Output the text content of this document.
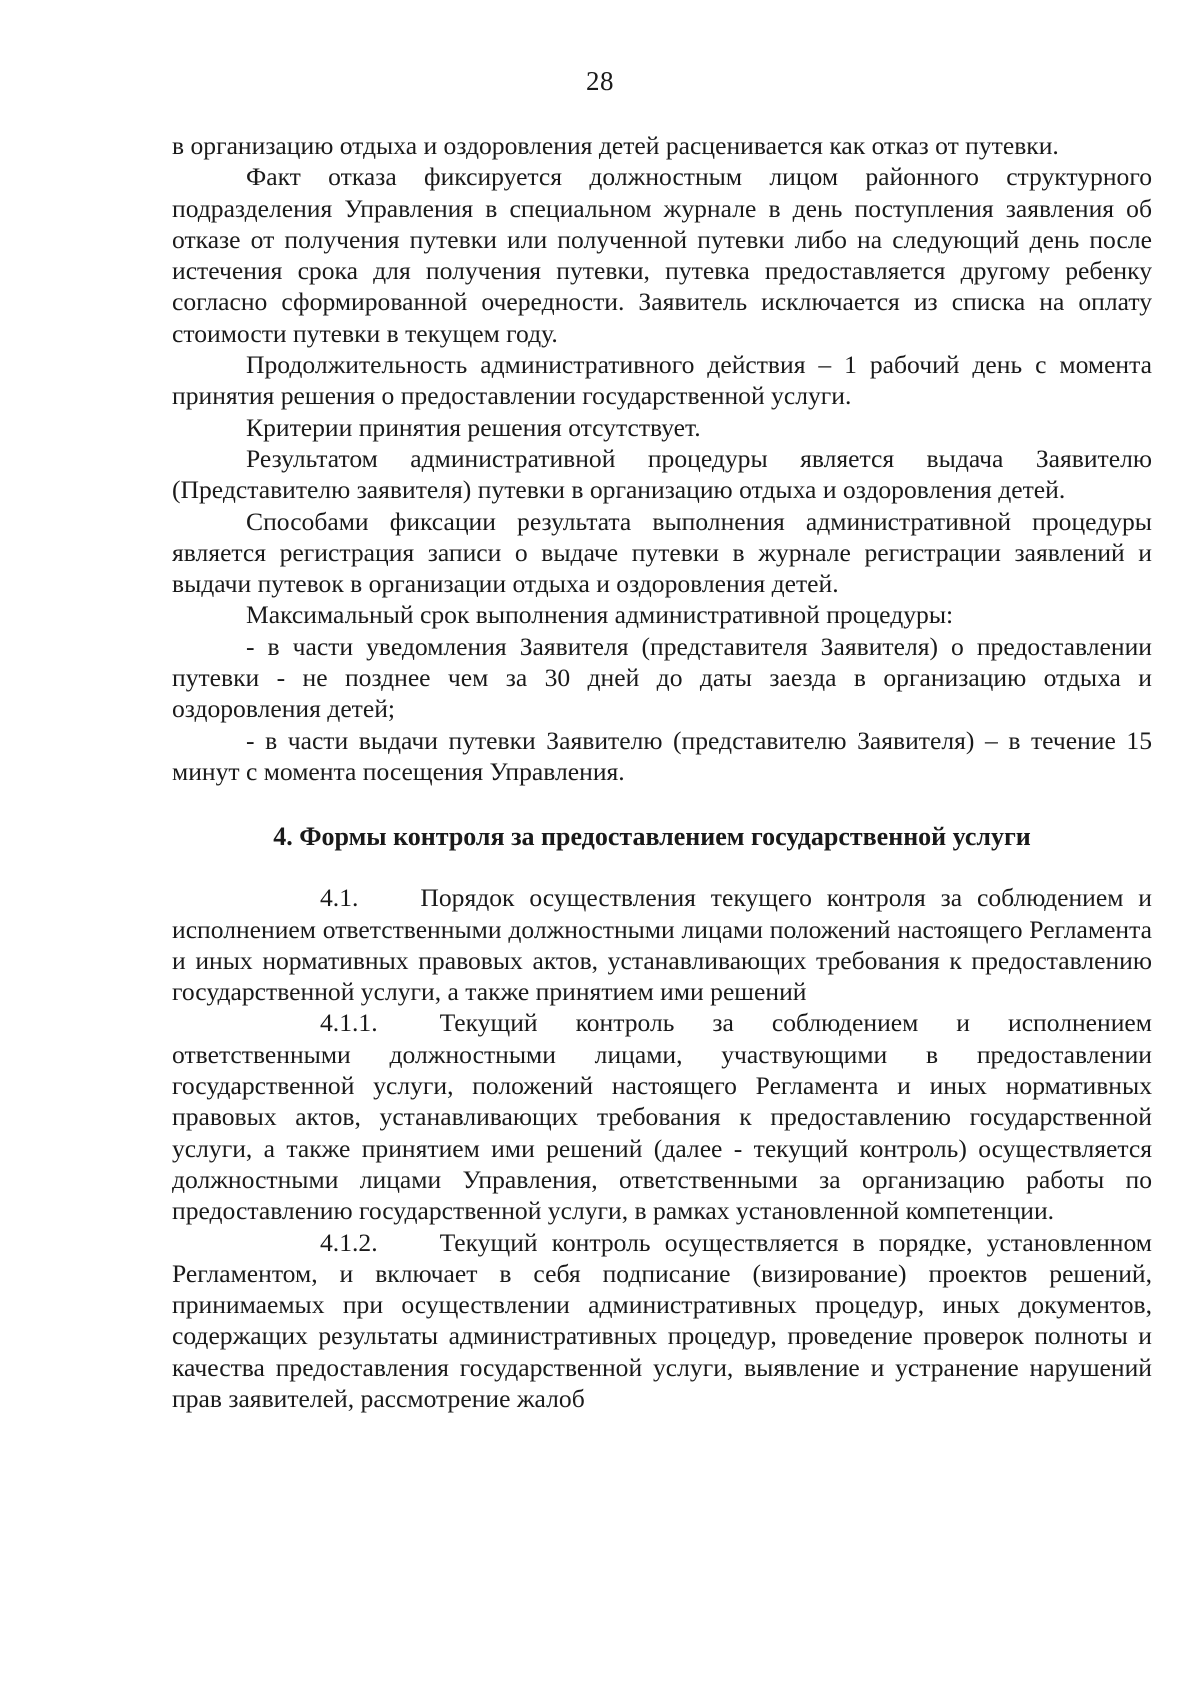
28

в организацию отдыха и оздоровления детей расценивается как отказ от путевки.

Факт отказа фиксируется должностным лицом районного структурного подразделения Управления в специальном журнале в день поступления заявления об отказе от получения путевки или полученной путевки либо на следующий день после истечения срока для получения путевки, путевка предоставляется другому ребенку согласно сформированной очередности. Заявитель исключается из списка на оплату стоимости путевки в текущем году.

Продолжительность административного действия – 1 рабочий день с момента принятия решения о предоставлении государственной услуги.

Критерии принятия решения отсутствует.

Результатом административной процедуры является выдача Заявителю (Представителю заявителя) путевки в организацию отдыха и оздоровления детей.

Способами фиксации результата выполнения административной процедуры является регистрация записи о выдаче путевки в журнале регистрации заявлений и выдачи путевок в организации отдыха и оздоровления детей.

Максимальный срок выполнения административной процедуры:

- в части уведомления Заявителя (представителя Заявителя) о предоставлении путевки - не позднее чем за 30 дней до даты заезда в организацию отдыха и оздоровления детей;

- в части выдачи путевки Заявителю (представителю Заявителя) – в течение 15 минут с момента посещения Управления.

4. Формы контроля за предоставлением государственной услуги

4.1. Порядок осуществления текущего контроля за соблюдением и исполнением ответственными должностными лицами положений настоящего Регламента и иных нормативных правовых актов, устанавливающих требования к предоставлению государственной услуги, а также принятием ими решений

4.1.1. Текущий контроль за соблюдением и исполнением ответственными должностными лицами, участвующими в предоставлении государственной услуги, положений настоящего Регламента и иных нормативных правовых актов, устанавливающих требования к предоставлению государственной услуги, а также принятием ими решений (далее - текущий контроль) осуществляется должностными лицами Управления, ответственными за организацию работы по предоставлению государственной услуги, в рамках установленной компетенции.

4.1.2. Текущий контроль осуществляется в порядке, установленном Регламентом, и включает в себя подписание (визирование) проектов решений, принимаемых при осуществлении административных процедур, иных документов, содержащих результаты административных процедур, проведение проверок полноты и качества предоставления государственной услуги, выявление и устранение нарушений прав заявителей, рассмотрение жалоб
